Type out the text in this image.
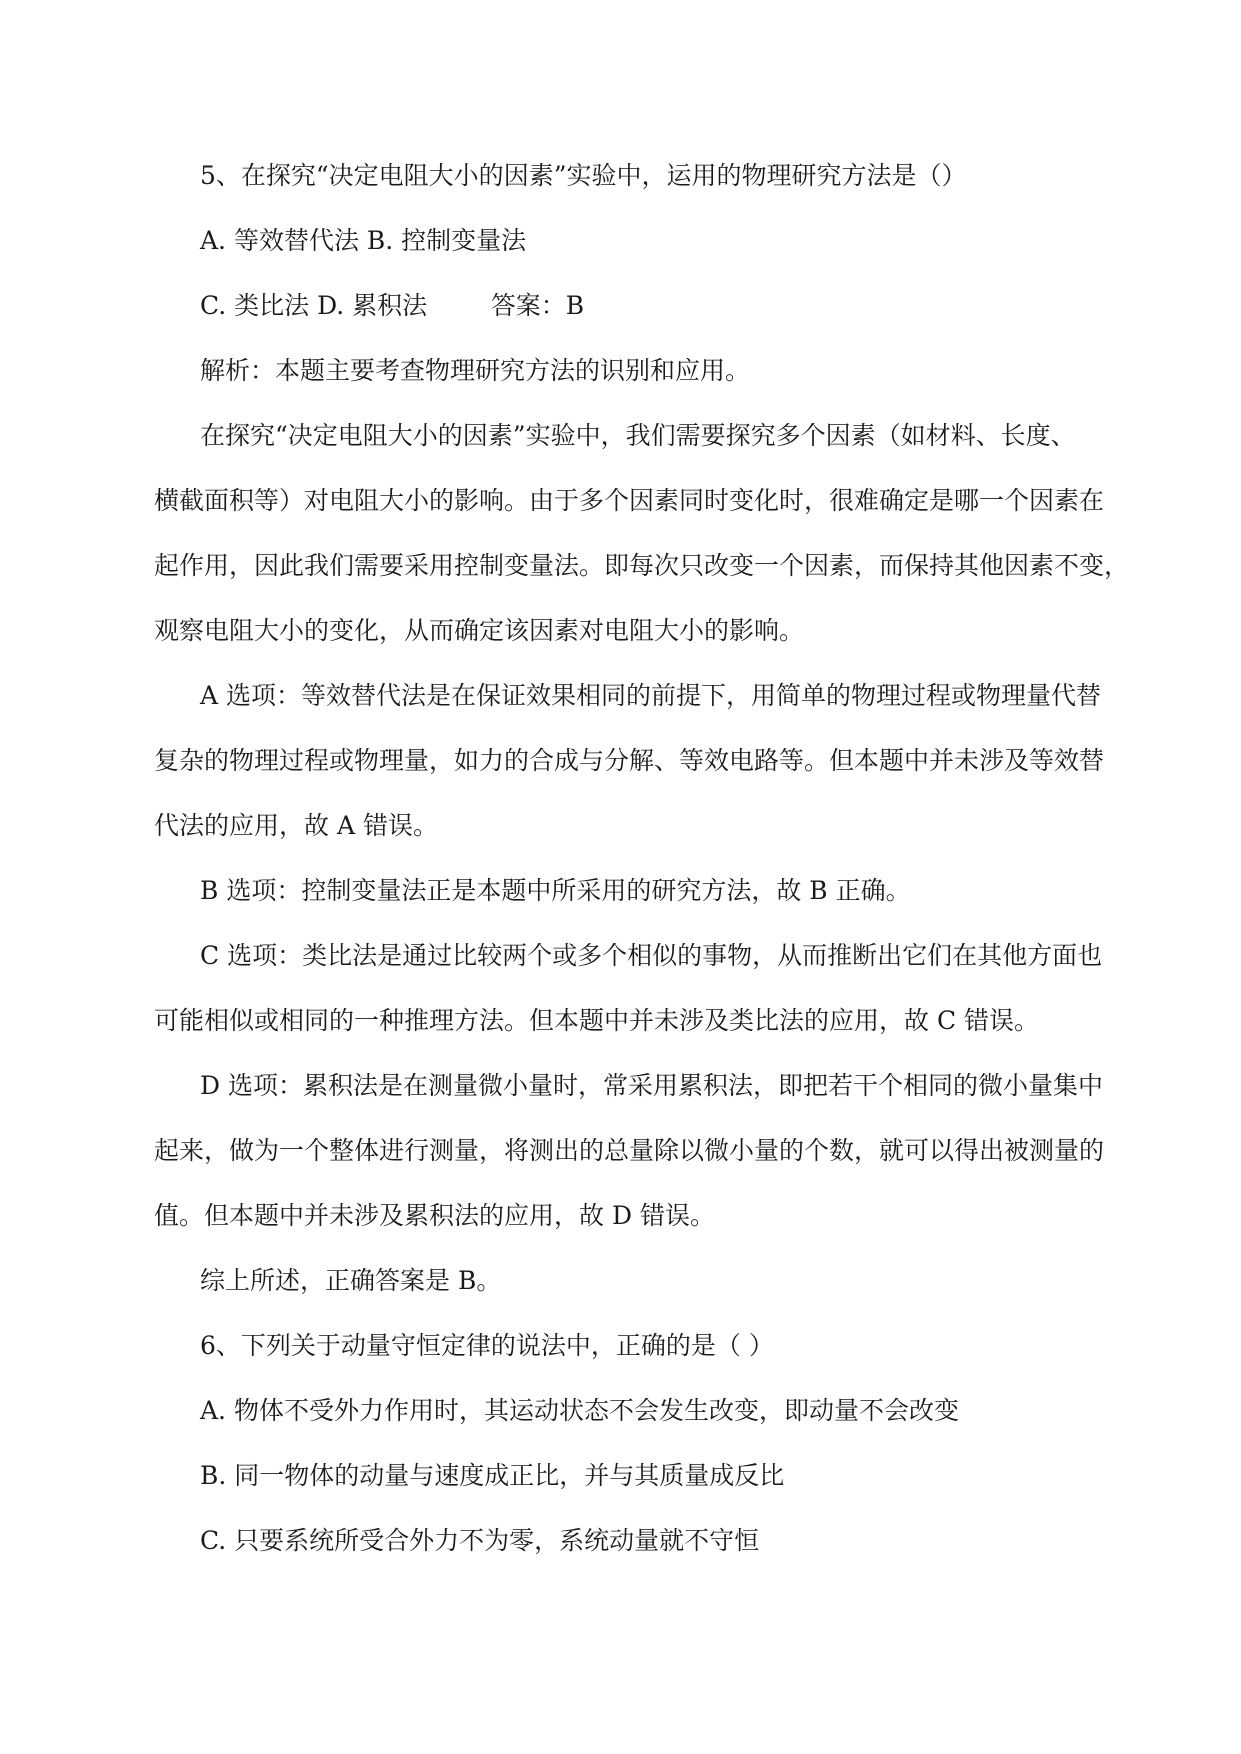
5、在探究“决定电阻大小的因素”实验中，运用的物理研究方法是（）

A. 等效替代法 B. 控制变量法

C. 类比法 D. 累积法        答案：B

解析：本题主要考查物理研究方法的识别和应用。

在探究“决定电阻大小的因素”实验中，我们需要探究多个因素（如材料、长度、

横截面积等）对电阻大小的影响。由于多个因素同时变化时，很难确定是哪一个因素在

起作用，因此我们需要采用控制变量法。即每次只改变一个因素，而保持其他因素不变，

观察电阻大小的变化，从而确定该因素对电阻大小的影响。

A 选项：等效替代法是在保证效果相同的前提下，用简单的物理过程或物理量代替

复杂的物理过程或物理量，如力的合成与分解、等效电路等。但本题中并未涉及等效替

代法的应用，故 A 错误。

B 选项：控制变量法正是本题中所采用的研究方法，故 B 正确。

C 选项：类比法是通过比较两个或多个相似的事物，从而推断出它们在其他方面也

可能相似或相同的一种推理方法。但本题中并未涉及类比法的应用，故 C 错误。

D 选项：累积法是在测量微小量时，常采用累积法，即把若干个相同的微小量集中

起来，做为一个整体进行测量，将测出的总量除以微小量的个数，就可以得出被测量的

值。但本题中并未涉及累积法的应用，故 D 错误。

综上所述，正确答案是 B。

6、下列关于动量守恒定律的说法中，正确的是（ ）

A. 物体不受外力作用时，其运动状态不会发生改变，即动量不会改变

B. 同一物体的动量与速度成正比，并与其质量成反比

C. 只要系统所受合外力不为零，系统动量就不守恒
